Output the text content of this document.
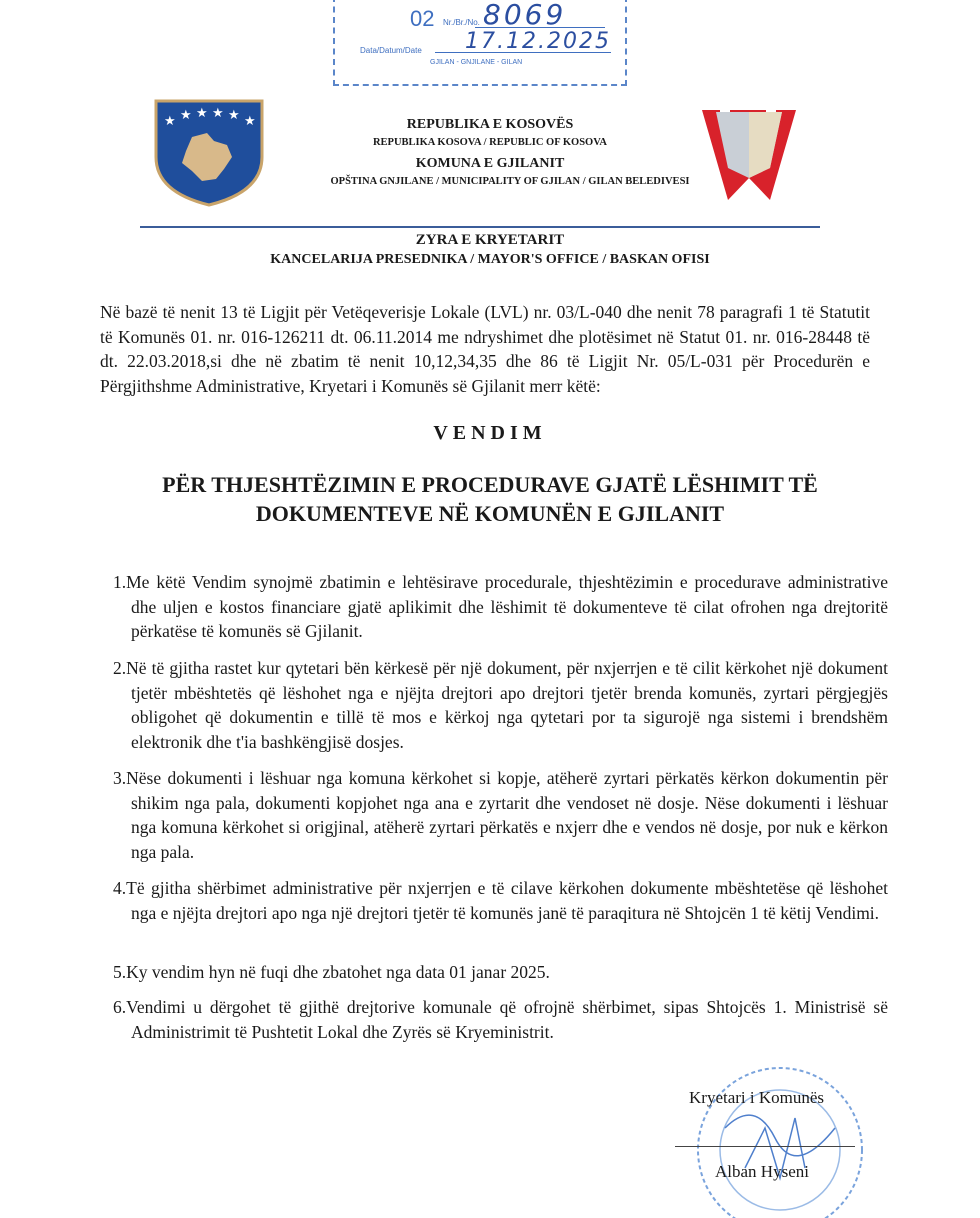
02 Nr./Br./No. 8069
Data/Datum/Date 17.12.2025
GJILAN - GNJILANE - GILAN
★ ★ ★ ★ ★ ★	REPUBLIKA E KOSOVËS
REPUBLIKA KOSOVA / REPUBLIC OF KOSOVA
KOMUNA E GJILANIT
OPŠTINA GNJILANE / MUNICIPALITY OF GJILAN / GILAN BELEDIVESI
ZYRA E KRYETARIT
KANCELARIJA PRESEDNIKA / MAYOR'S OFFICE / BASKAN OFISI
Në bazë të nenit 13 të Ligjit për Vetëqeverisje Lokale (LVL) nr. 03/L-040 dhe nenit 78 paragrafi 1 të Statutit të Komunës 01. nr. 016-126211 dt. 06.11.2014 me ndryshimet dhe plotësimet në Statut 01. nr. 016-28448 të dt. 22.03.2018,si dhe në zbatim të nenit 10,12,34,35 dhe 86 të Ligjit Nr. 05/L-031 për Procedurën e Përgjithshme Administrative, Kryetari i Komunës së Gjilanit merr këtë:
VENDIM
PËR THJESHTËZIMIN E PROCEDURAVE GJATË LËSHIMIT TË DOKUMENTEVE NË KOMUNËN E GJILANIT
1.Me këtë Vendim synojmë zbatimin e lehtësirave procedurale, thjeshtëzimin e procedurave administrative dhe uljen e kostos financiare gjatë aplikimit dhe lëshimit të dokumenteve të cilat ofrohen nga drejtoritë përkatëse të komunës së Gjilanit.
2.Në të gjitha rastet kur qytetari bën kërkesë për një dokument, për nxjerrjen e të cilit kërkohet një dokument tjetër mbështetës që lëshohet nga e njëjta drejtori apo drejtori tjetër brenda komunës, zyrtari përgjegjës obligohet që dokumentin e tillë të mos e kërkoj nga qytetari por ta sigurojë nga sistemi i brendshëm elektronik dhe t'ia bashkëngjisë dosjes.
3.Nëse dokumenti i lëshuar nga komuna kërkohet si kopje, atëherë zyrtari përkatës kërkon dokumentin për shikim nga pala, dokumenti kopjohet nga ana e zyrtarit dhe vendoset në dosje. Nëse dokumenti i lëshuar nga komuna kërkohet si origjinal, atëherë zyrtari përkatës e nxjerr dhe e vendos në dosje, por nuk e kërkon nga pala.
4.Të gjitha shërbimet administrative për nxjerrjen e të cilave kërkohen dokumente mbështetëse që lëshohet nga e njëjta drejtori apo nga një drejtori tjetër të komunës janë të paraqitura në Shtojcën 1 të këtij Vendimi.
5.Ky vendim hyn në fuqi dhe zbatohet nga data 01 janar 2025.
6.Vendimi u dërgohet të gjithë drejtorive komunale që ofrojnë shërbimet, sipas Shtojcës 1. Ministrisë së Administrimit të Pushtetit Lokal dhe Zyrës së Kryeministrit.
Kryetari i Komunës
Alban Hyseni
